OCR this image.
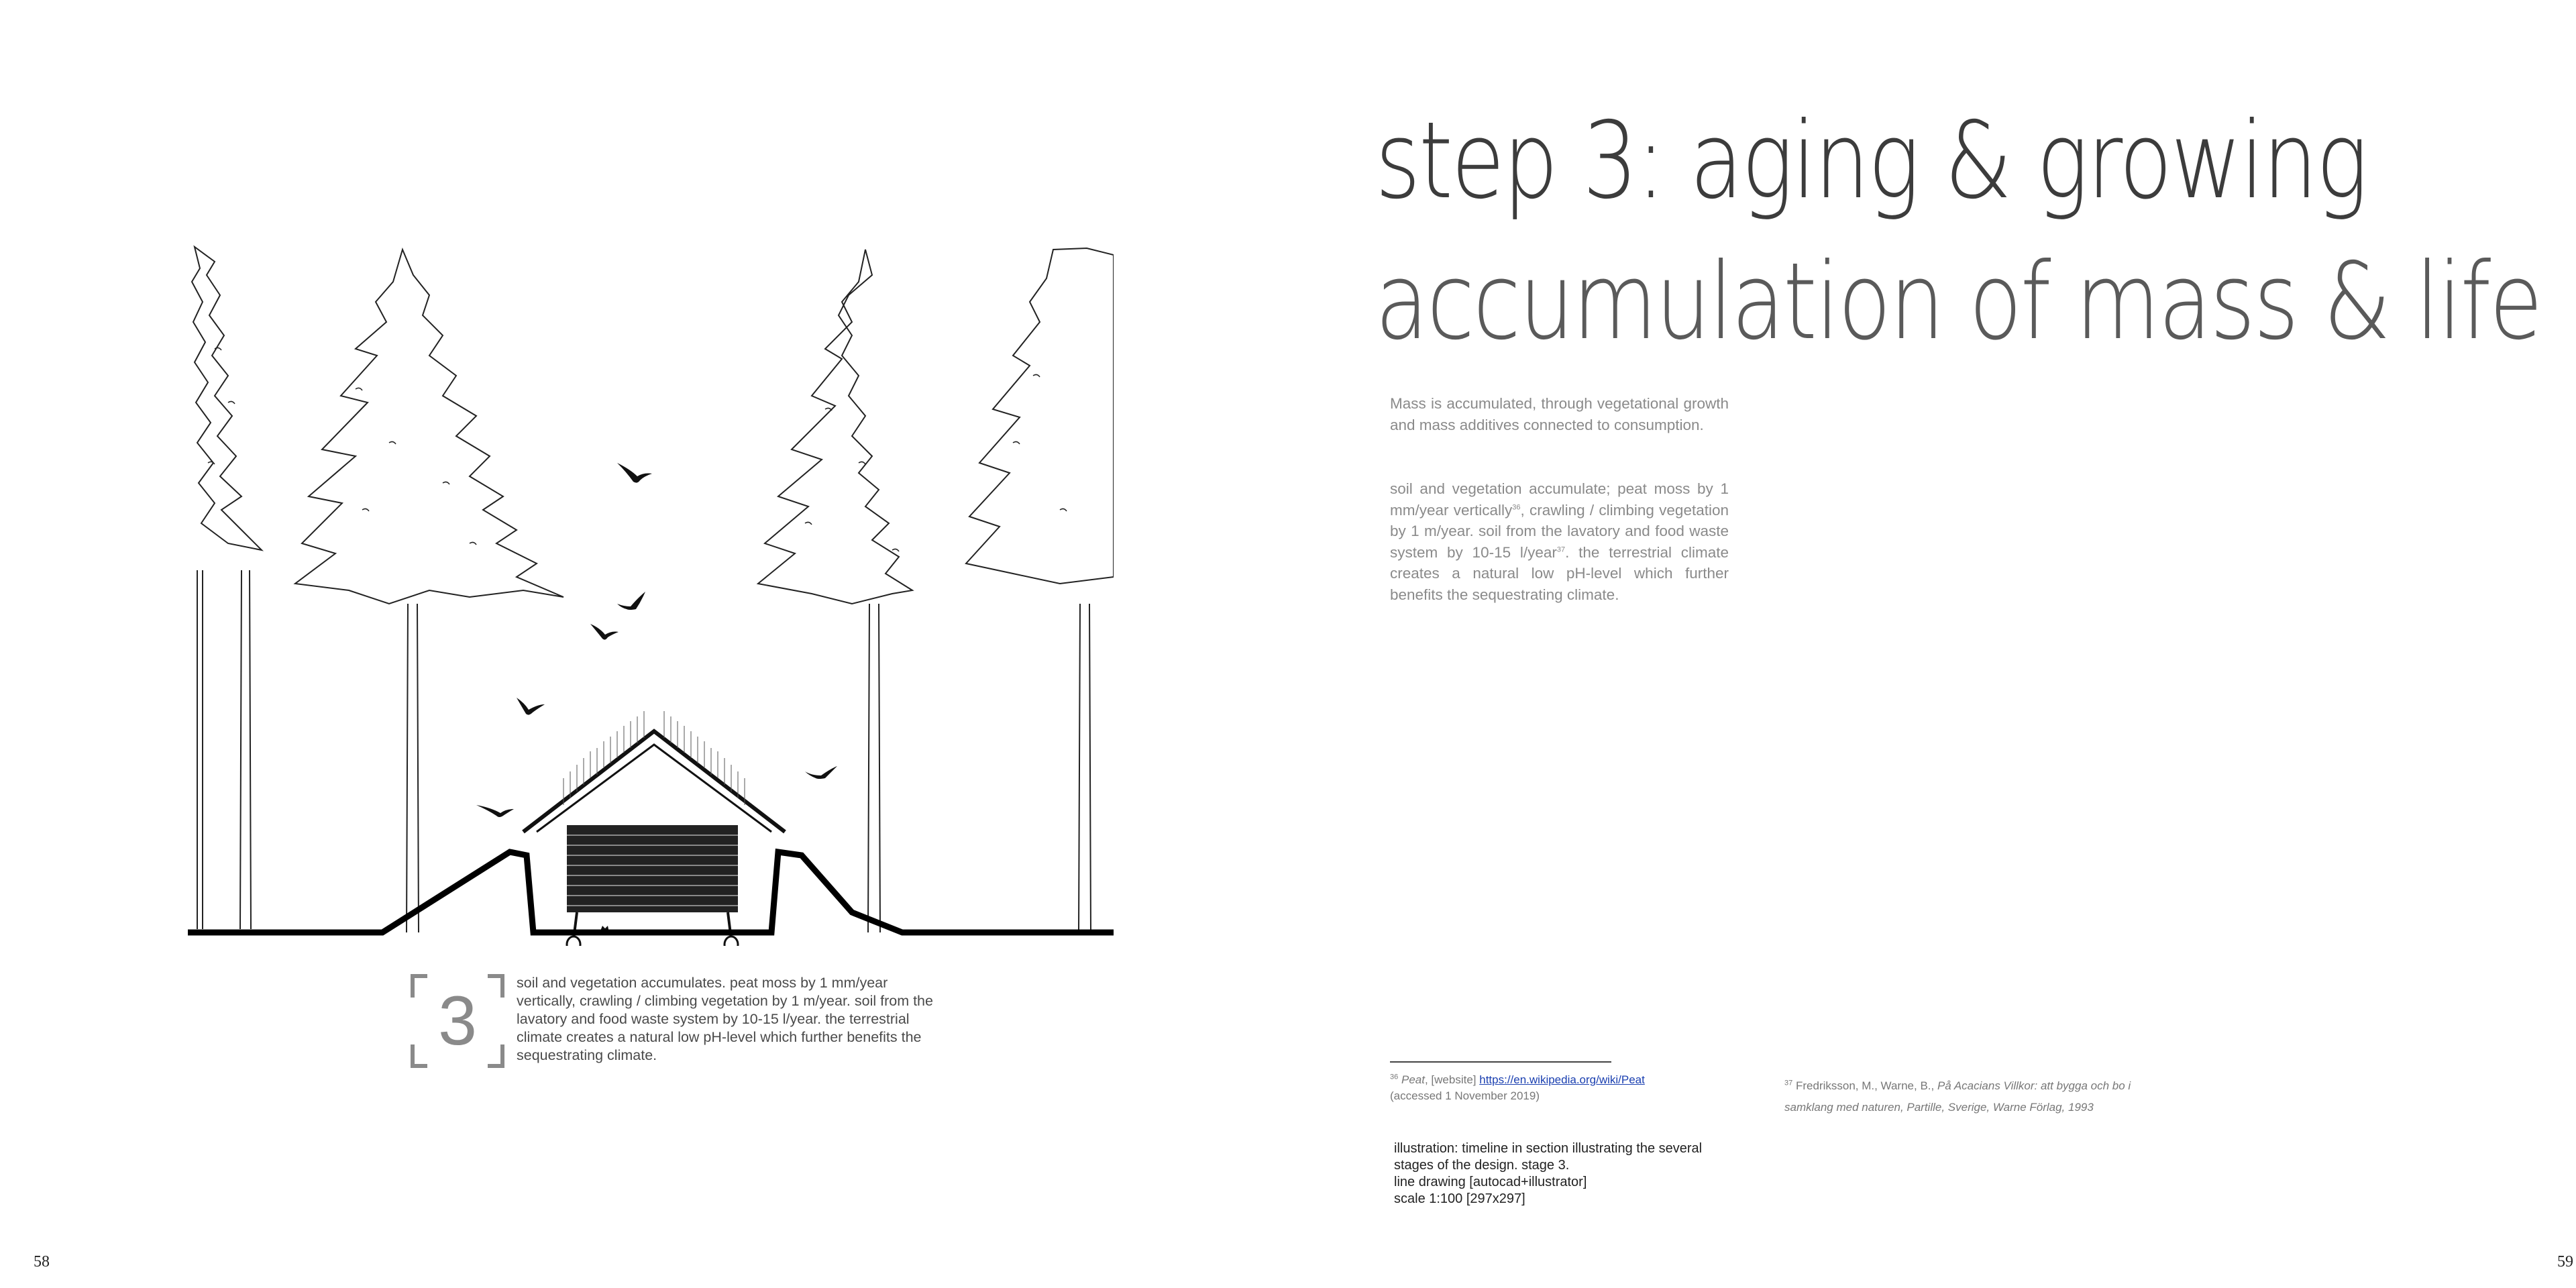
3	soil and vegetation accumulates. peat moss by 1 mm/year vertically, crawling / climbing vegetation by 1 m/year. soil from the lavatory and food waste system by 10-15 l/year. the terrestrial climate creates a natural low pH-level which further benefits the sequestrating climate.
step 3: aging & growing
accumulation of mass & life
Mass is accumulated, through vegetational growth and mass additives connected to consumption.
soil and vegetation accumulate; peat moss by 1 mm/year vertically$^{36}$, crawling / climbing vegetation by 1 m/year. soil from the lavatory and food waste system by 10-15 l/year$^{37}$. the terrestrial climate creates a natural low pH-level which further benefits the sequestrating climate.
$^{36}$ Peat, [website] https://en.wikipedia.org/wiki/Peat
(accessed 1 November 2019)
$^{37}$ Fredriksson, M., Warne, B., På Acacians Villkor: att bygga och bo i samklang med naturen, Partille, Sverige, Warne Förlag, 1993
illustration: timeline in section illustrating the several
stages of the design. stage 3.
line drawing [autocad+illustrator]
scale 1:100 [297x297]
58	59
